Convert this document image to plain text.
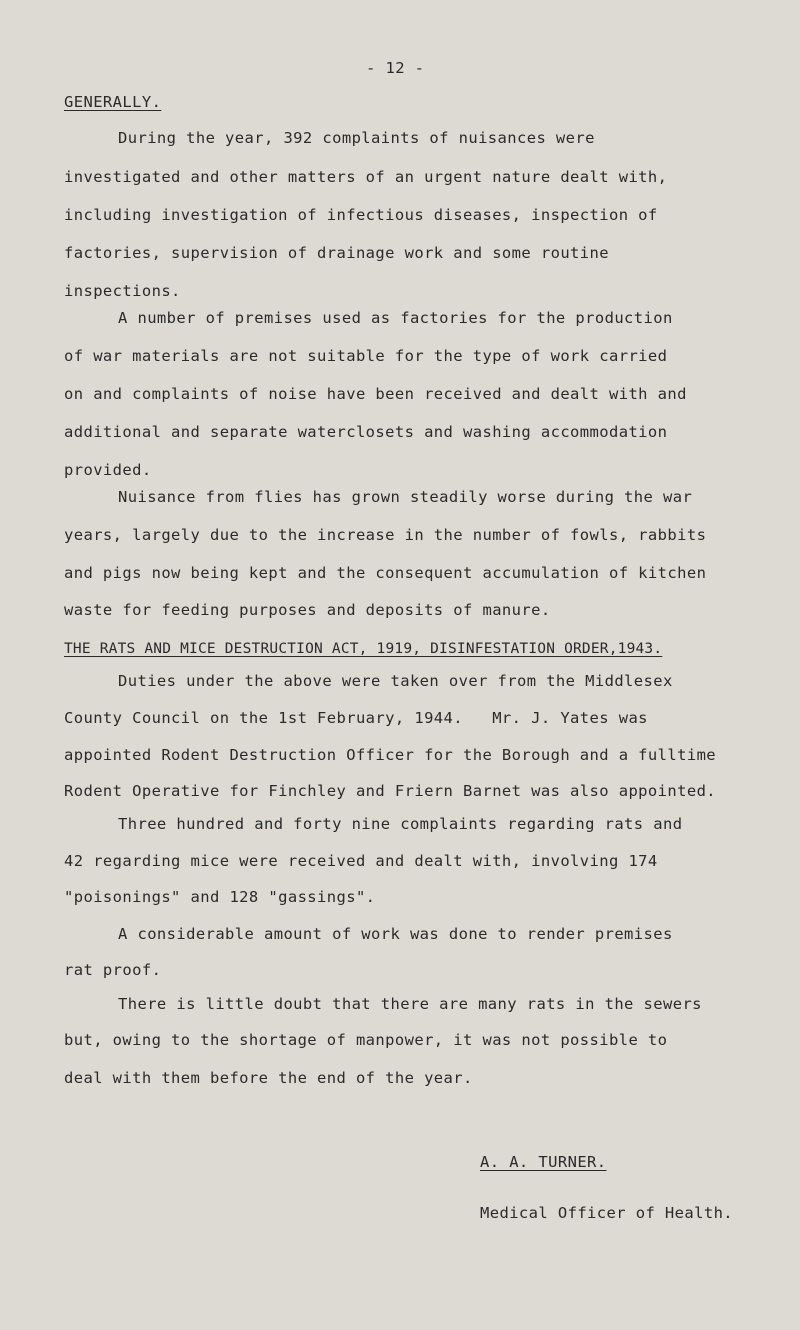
- 12 -
GENERALLY.
During the year, 392 complaints of nuisances were
investigated and other matters of an urgent nature dealt with,
including investigation of infectious diseases, inspection of
factories, supervision of drainage work and some routine
inspections.
A number of premises used as factories for the production
of war materials are not suitable for the type of work carried
on and complaints of noise have been received and dealt with and
additional and separate waterclosets and washing accommodation
provided.
Nuisance from flies has grown steadily worse during the war
years, largely due to the increase in the number of fowls, rabbits
and pigs now being kept and the consequent accumulation of kitchen
waste for feeding purposes and deposits of manure.
THE RATS AND MICE DESTRUCTION ACT, 1919, DISINFESTATION ORDER,1943.
Duties under the above were taken over from the Middlesex
County Council on the 1st February, 1944.   Mr. J. Yates was
appointed Rodent Destruction Officer for the Borough and a fulltime
Rodent Operative for Finchley and Friern Barnet was also appointed.
Three hundred and forty nine complaints regarding rats and
42 regarding mice were received and dealt with, involving 174
"poisonings" and 128 "gassings".
A considerable amount of work was done to render premises
rat proof.
There is little doubt that there are many rats in the sewers
but, owing to the shortage of manpower, it was not possible to
deal with them before the end of the year.
A. A. TURNER.
Medical Officer of Health.
